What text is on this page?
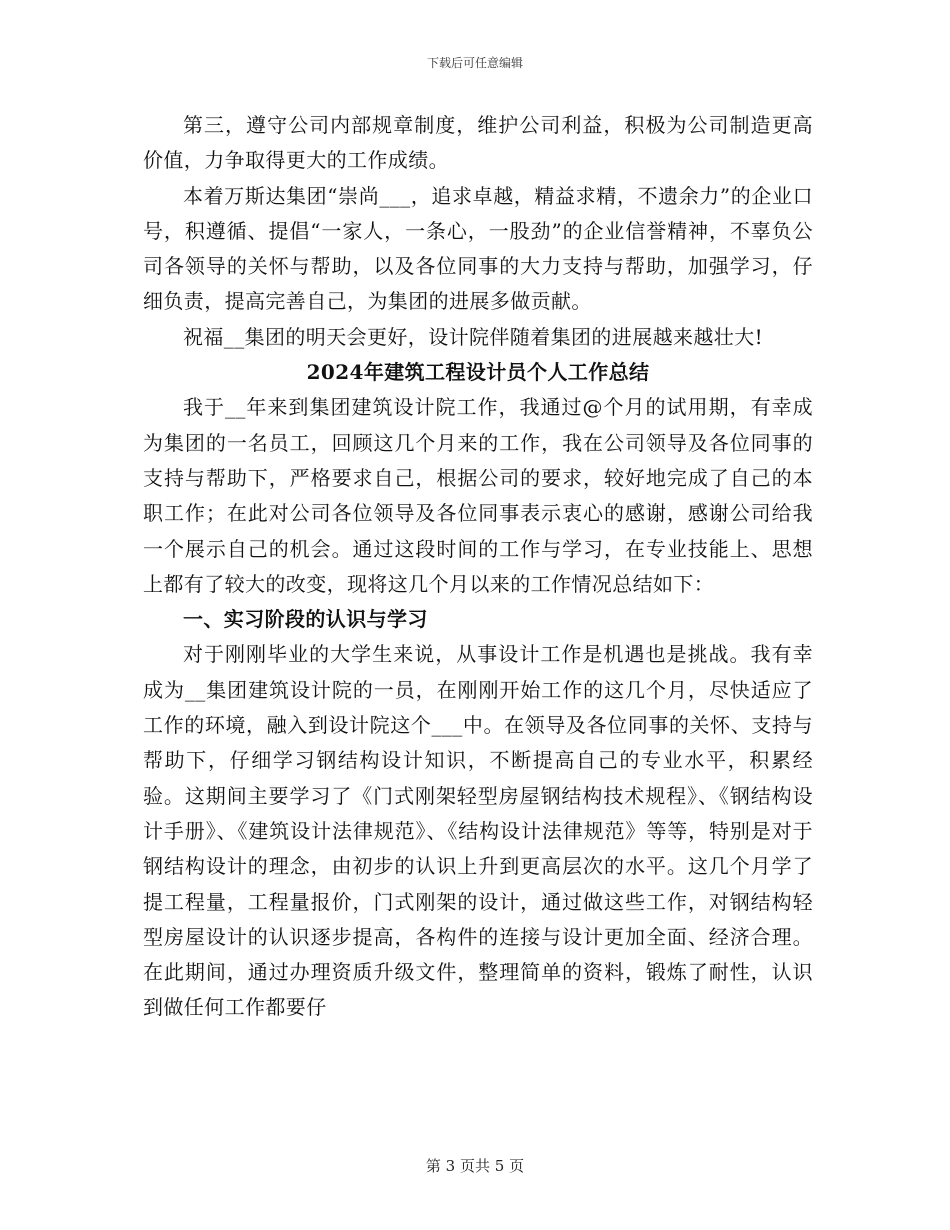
下载后可任意编辑

第三，遵守公司内部规章制度，维护公司利益，积极为公司制造更高价值，力争取得更大的工作成绩。

本着万斯达集团“崇尚___，追求卓越，精益求精，不遗余力”的企业口号，积遵循、提倡“一家人，一条心，一股劲”的企业信誉精神，不辜负公司各领导的关怀与帮助，以及各位同事的大力支持与帮助，加强学习，仔细负责，提高完善自己，为集团的进展多做贡献。

祝福__集团的明天会更好，设计院伴随着集团的进展越来越壮大!

2024年建筑工程设计员个人工作总结

我于__年来到集团建筑设计院工作，我通过@个月的试用期，有幸成为集团的一名员工，回顾这几个月来的工作，我在公司领导及各位同事的支持与帮助下，严格要求自己，根据公司的要求，较好地完成了自己的本职工作；在此对公司各位领导及各位同事表示衷心的感谢，感谢公司给我一个展示自己的机会。通过这段时间的工作与学习，在专业技能上、思想上都有了较大的改变，现将这几个月以来的工作情况总结如下：

一、实习阶段的认识与学习

对于刚刚毕业的大学生来说，从事设计工作是机遇也是挑战。我有幸成为__集团建筑设计院的一员，在刚刚开始工作的这几个月，尽快适应了工作的环境，融入到设计院这个___中。在领导及各位同事的关怀、支持与帮助下，仔细学习钢结构设计知识，不断提高自己的专业水平，积累经验。这期间主要学习了《门式刚架轻型房屋钢结构技术规程》、《钢结构设计手册》、《建筑设计法律规范》、《结构设计法律规范》等等，特别是对于钢结构设计的理念，由初步的认识上升到更高层次的水平。这几个月学了提工程量，工程量报价，门式刚架的设计，通过做这些工作，对钢结构轻型房屋设计的认识逐步提高，各构件的连接与设计更加全面、经济合理。在此期间，通过办理资质升级文件，整理简单的资料，锻炼了耐性，认识到做任何工作都要仔

第 3 页共 5 页
